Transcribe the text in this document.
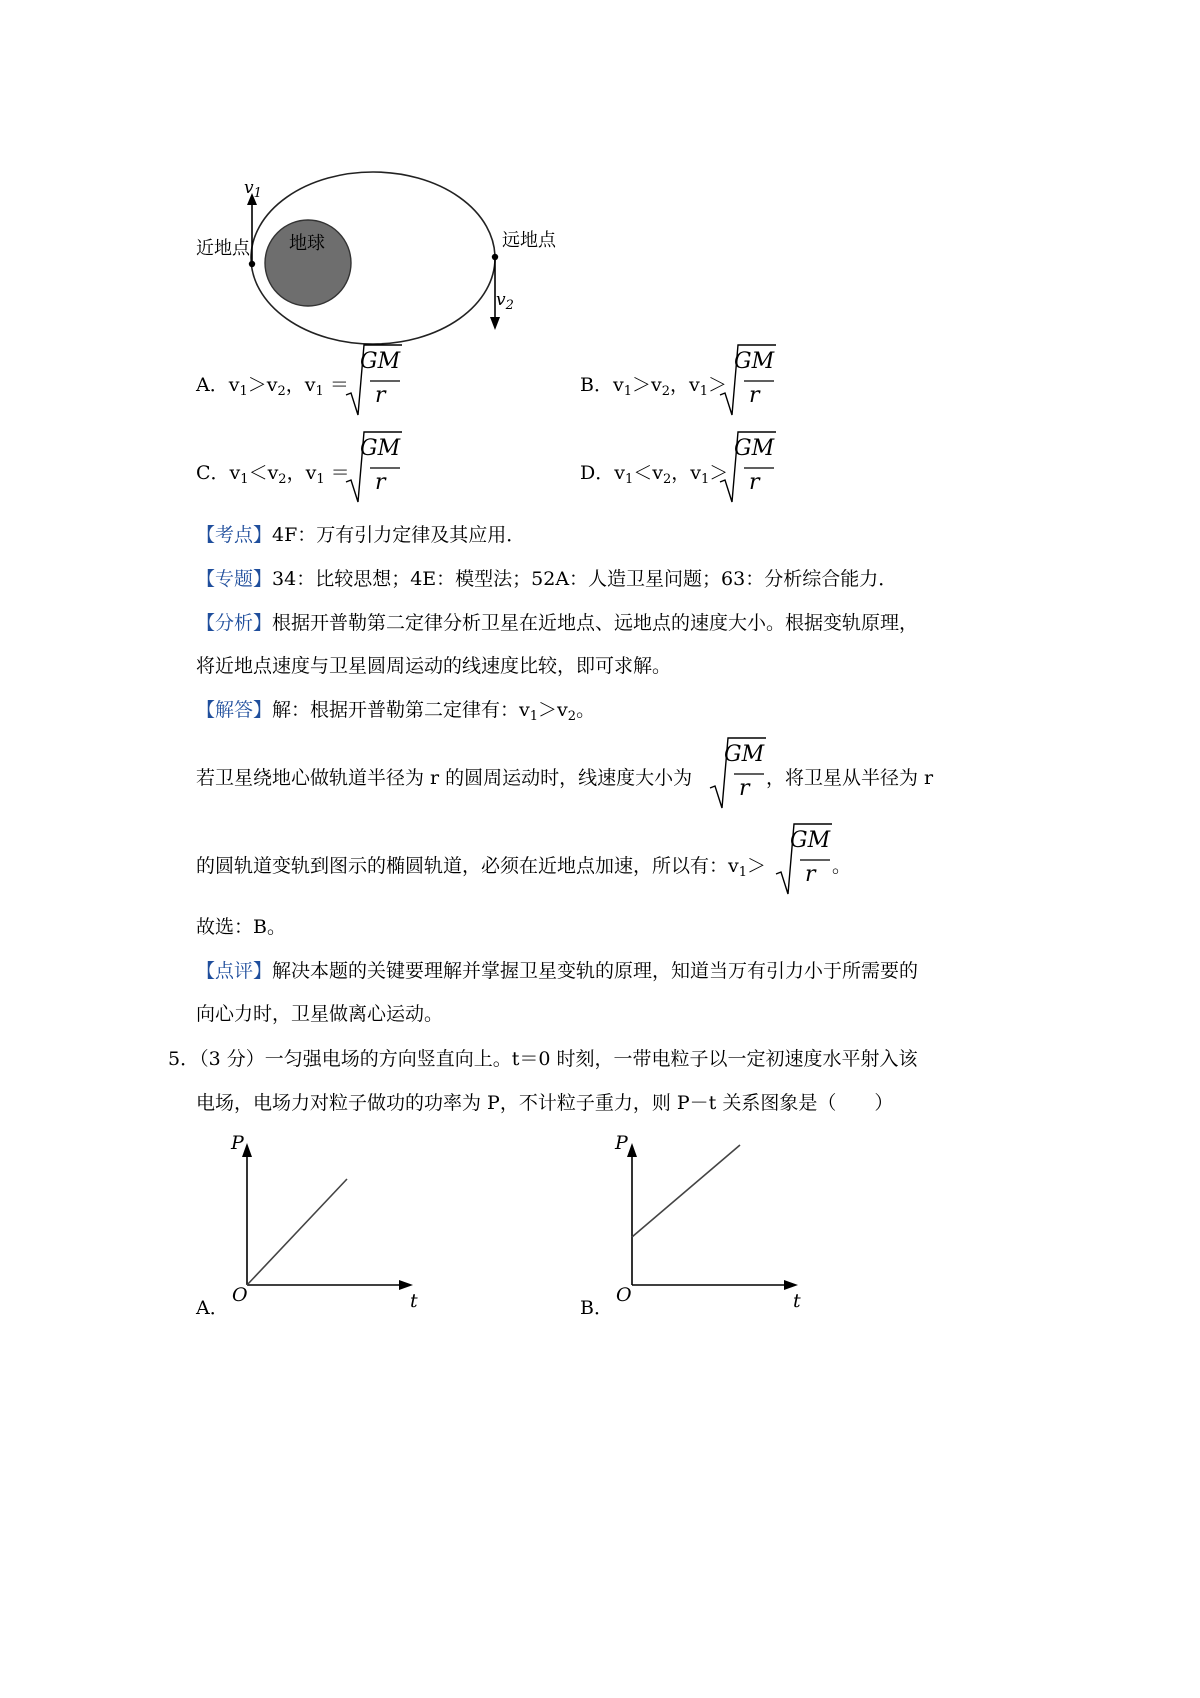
$v_1$
$v_2$
近地点	远地点
地球
A．$v_1>v_2$，$v_1$ ＝
GM
r	B．$v_1>v_2$，$v_1>$
GM
r
C．$v_1<v_2$，$v_1$ ＝
GM
r	D．$v_1<v_2$，$v_1>$
GM
r
【考点】4F：万有引力定律及其应用．
【专题】34：比较思想；4E：模型法；52A：人造卫星问题；63：分析综合能力．
【分析】根据开普勒第二定律分析卫星在近地点、远地点的速度大小。根据变轨原理，
将近地点速度与卫星圆周运动的线速度比较，即可求解。
【解答】解：根据开普勒第二定律有：$v_1>v_2$。
若卫星绕地心做轨道半径为 r 的圆周运动时，线速度大小为
GM
r ，将卫星从半径为 r
的圆轨道变轨到图示的椭圆轨道，必须在近地点加速，所以有：$v_1>$
GM
r 。
故选：B。
【点评】解决本题的关键要理解并掌握卫星变轨的原理，知道当万有引力小于所需要的
向心力时，卫星做离心运动。
5．（3 分）一匀强电场的方向竖直向上。t＝0 时刻，一带电粒子以一定初速度水平射入该
电场，电场力对粒子做功的功率为 P，不计粒子重力，则 P－t 关系图象是（　　）
P
t
O
A．
P
t
O
B．
